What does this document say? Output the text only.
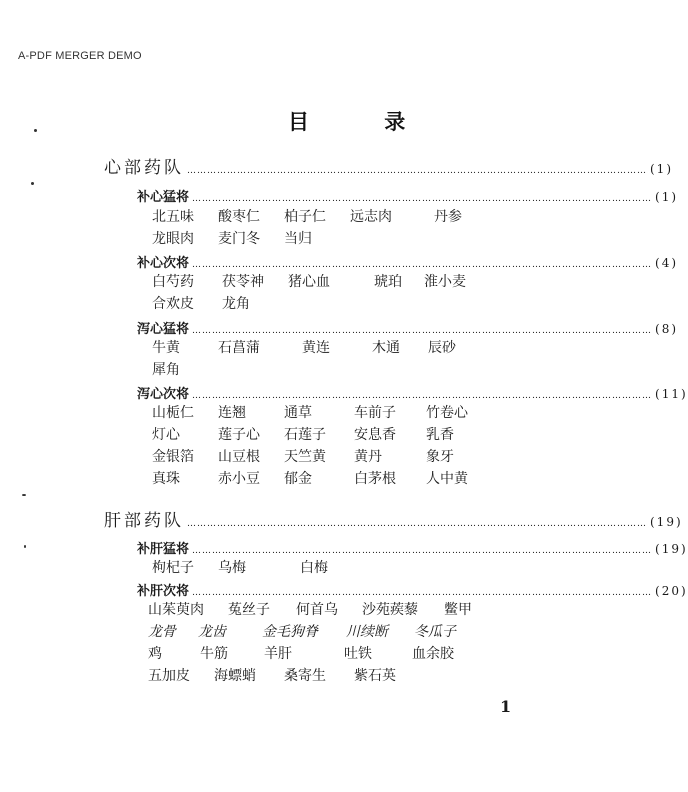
A-PDF MERGER DEMO
目 录
心部药队 ………………………………………………………………………………………………………………………… (1)
补心猛将 ………………………………………………………………………………………………………………………… (1)
北五味	酸枣仁	柏子仁	远志肉	丹参
龙眼肉	麦门冬	当归
补心次将 ………………………………………………………………………………………………………………………… (4)
白芍药	茯苓神	猪心血	琥珀	淮小麦
合欢皮	龙角
泻心猛将 ………………………………………………………………………………………………………………………… (8)
牛黄	石菖蒲	黄连	木通	辰砂
犀角
泻心次将 ………………………………………………………………………………………………………………………… (11)
山栀仁	连翘	通草	车前子	竹卷心
灯心	莲子心	石莲子	安息香	乳香
金银箔	山豆根	天竺黄	黄丹	象牙
真珠	赤小豆	郁金	白茅根	人中黄
肝部药队 ………………………………………………………………………………………………………………………… (19)
补肝猛将 ………………………………………………………………………………………………………………………… (19)
枸杞子	乌梅	白梅
补肝次将 ………………………………………………………………………………………………………………………… (20)
山茱萸肉	菟丝子	何首乌	沙苑蒺藜	鳖甲
龙骨	龙齿	金毛狗脊	川续断	冬瓜子
鸡	牛筋	羊肝	吐铁	血余胶
五加皮	海螵蛸	桑寄生	紫石英
1
